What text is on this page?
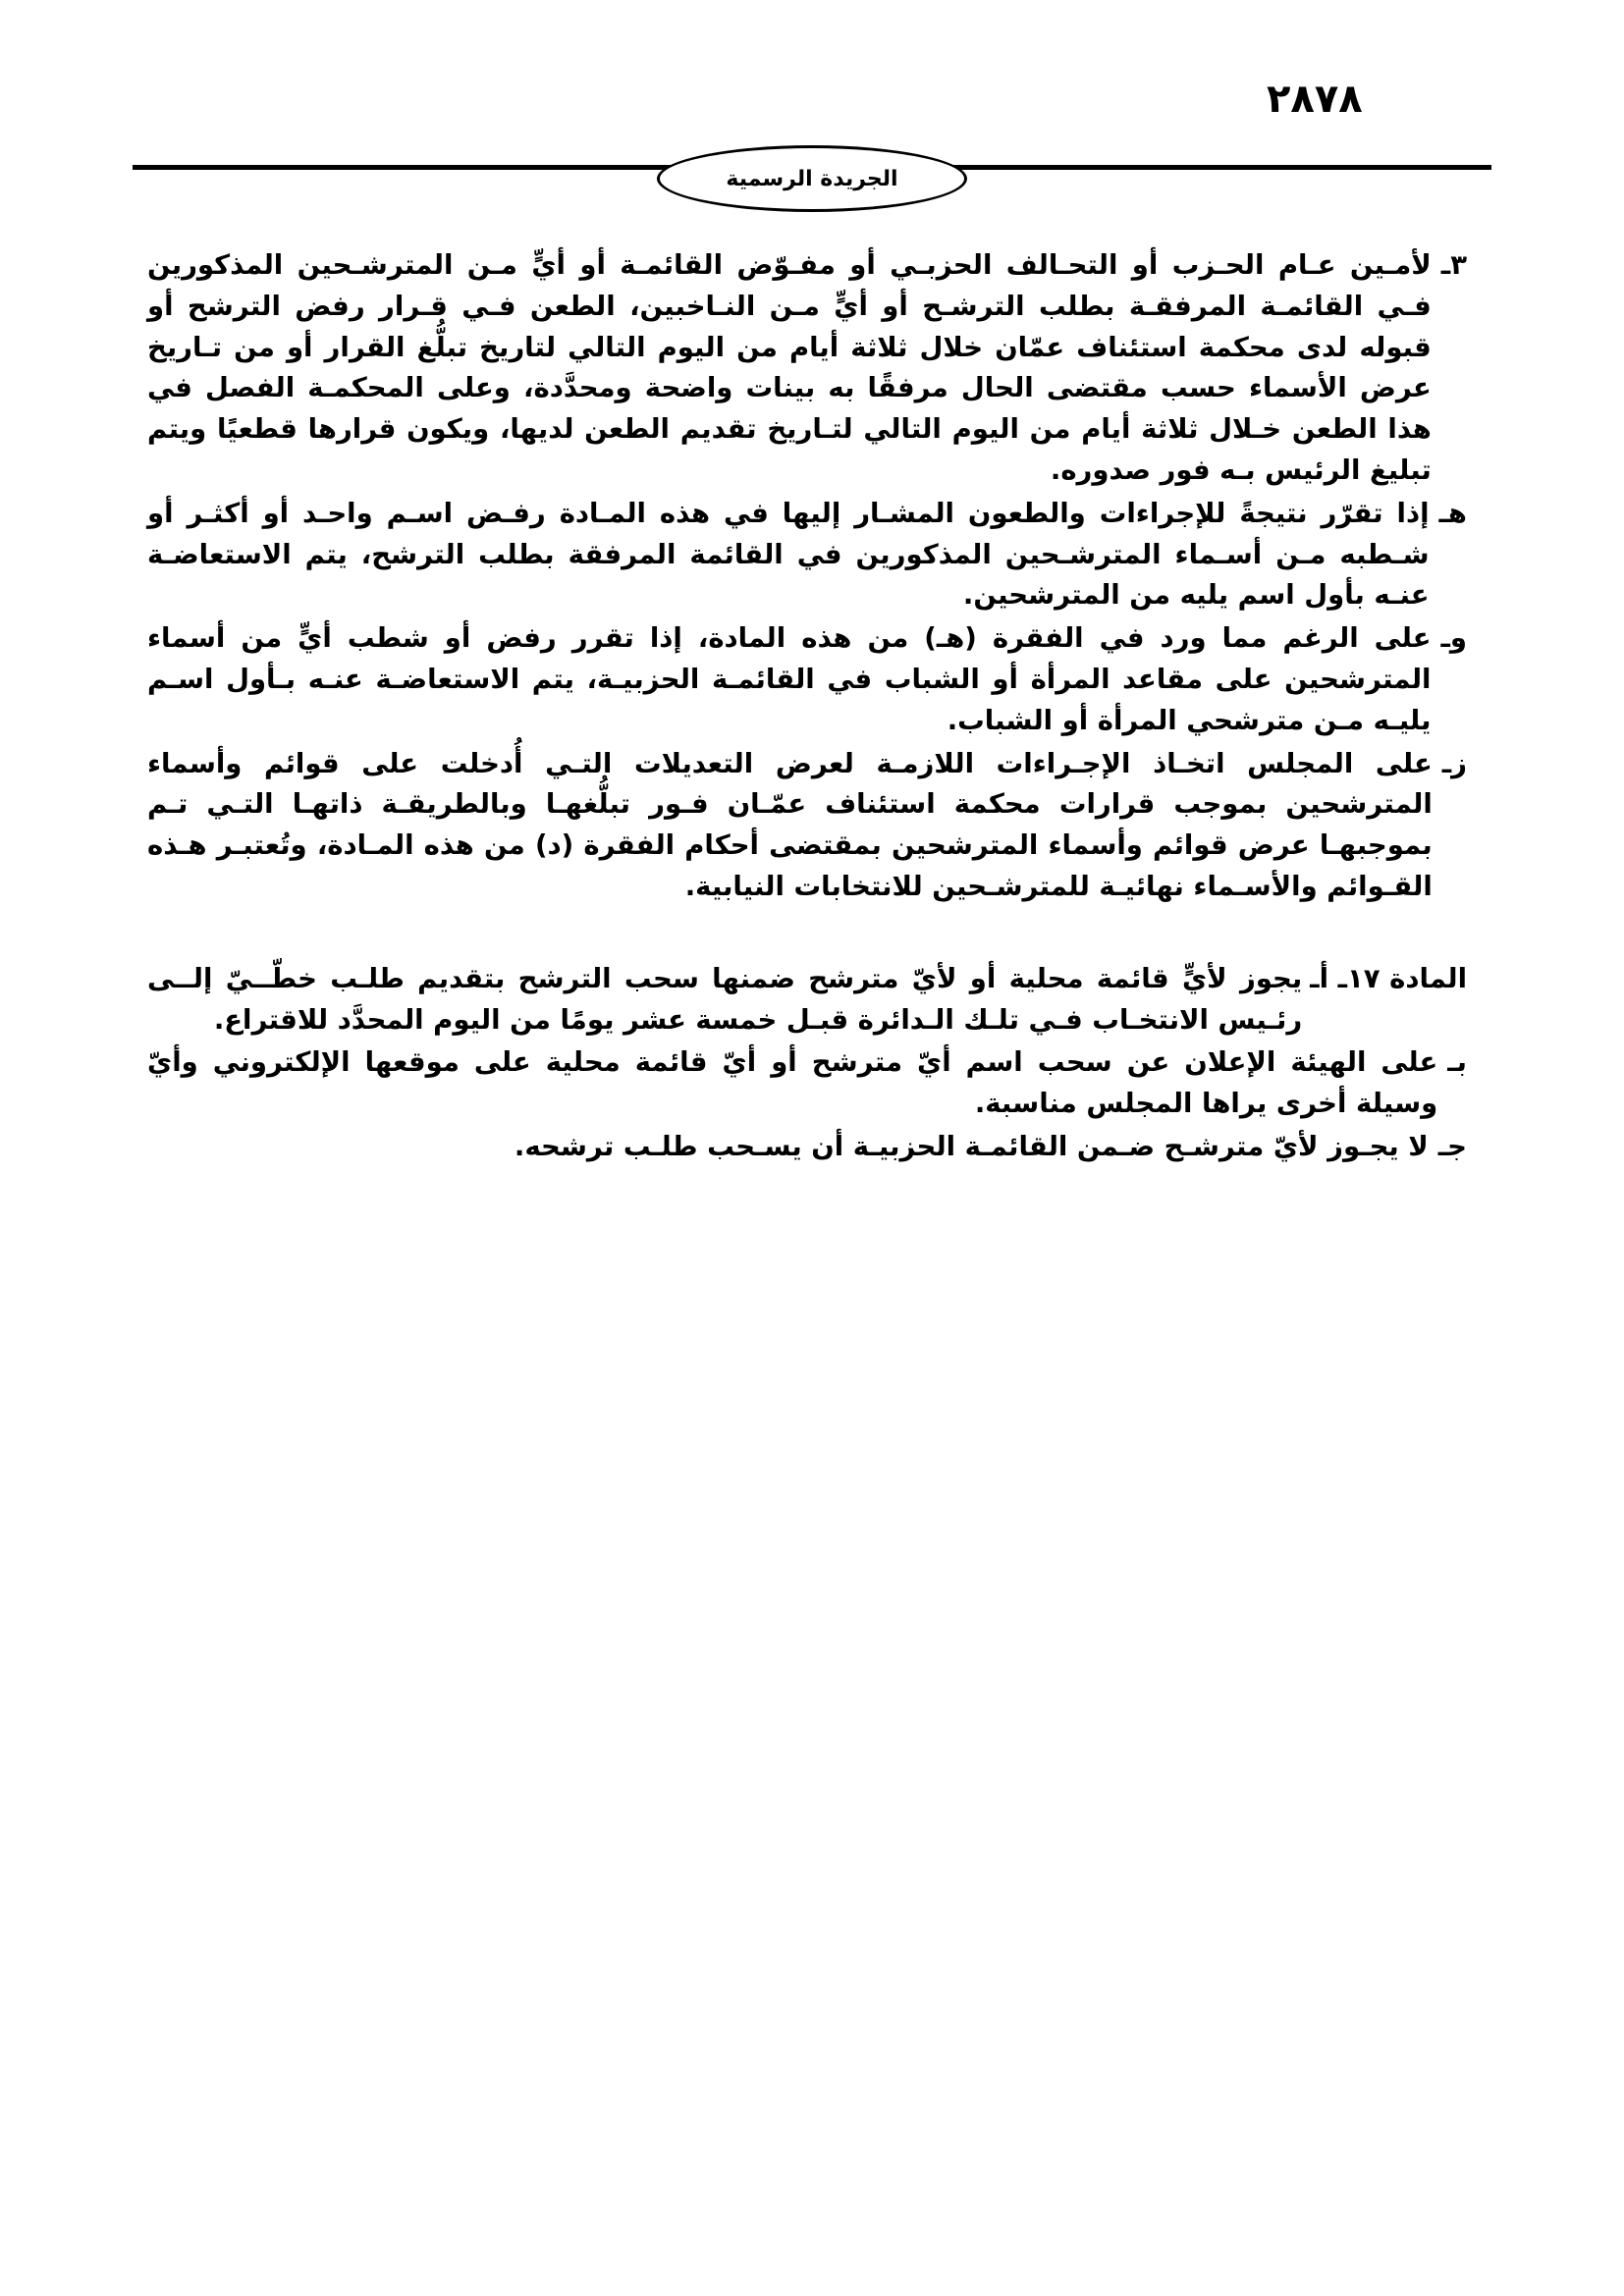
٢٨٧٨
الجريدة الرسمية
٣ـ
لأمـين عـام الحـزب أو التحـالف الحزبـي أو مفـوّض القائمـة أو أيٍّ مـن المترشـحين المذكورين فـي القائمـة المرفقـة بطلب الترشـح أو أيٍّ مـن النـاخبين، الطعن فـي قـرار رفض الترشح أو قبوله لدى محكمة استئناف عمّان خلال ثلاثة أيام من اليوم التالي لتاريخ تبلُّغ القرار أو من تـاريخ عرض الأسماء حسب مقتضى الحال مرفقًا به بينات واضحة ومحدَّدة، وعلى المحكمـة الفصل في هذا الطعن خـلال ثلاثة أيام من اليوم التالي لتـاريخ تقديم الطعن لديها، ويكون قرارها قطعيًا ويتم تبليغ الرئيس بـه فور صدوره.
هـ
إذا تقرّر نتيجةً للإجراءات والطعون المشـار إليها في هذه المـادة رفـض اسـم واحـد أو أكثـر أو شـطبه مـن أسـماء المترشـحين المذكورين في القائمة المرفقة بطلب الترشح، يتم الاستعاضـة عنـه بأول اسم يليه من المترشحين.
وـ
على الرغم مما ورد في الفقرة (هـ) من هذه المادة، إذا تقرر رفض أو شطب أيٍّ من أسماء المترشحين على مقاعد المرأة أو الشباب في القائمـة الحزبيـة، يتم الاستعاضـة عنـه بـأول اسـم يليـه مـن مترشحي المرأة أو الشباب.
زـ
على المجلس اتخـاذ الإجـراءات اللازمـة لعرض التعديلات التـي أُدخلت على قوائم وأسماء المترشحين بموجب قرارات محكمة استئناف عمّـان فـور تبلُّغهـا وبالطريقـة ذاتهـا التـي تـم بموجبهـا عرض قوائم وأسماء المترشحين بمقتضى أحكام الفقرة (د) من هذه المـادة، وتُعتبـر هـذه القـوائم والأسـماء نهائيـة للمترشـحين للانتخابات النيابية.
المادة ١٧ـ أـ
يجوز لأيٍّ قائمة محلية أو لأيّ مترشح ضمنها سحب الترشح بتقديم طلـب خطّــيّ إلــى رئـيس الانتخـاب فـي تلـك الـدائرة قبـل خمسة عشر يومًا من اليوم المحدَّد للاقتراع.
بـ
على الهيئة الإعلان عن سحب اسم أيّ مترشح أو أيّ قائمة محلية على موقعها الإلكتروني وأيّ وسيلة أخرى يراها المجلس مناسبة.
جـ
لا يجـوز لأيّ مترشـح ضـمن القائمـة الحزبيـة أن يسـحب طلـب ترشحه.
